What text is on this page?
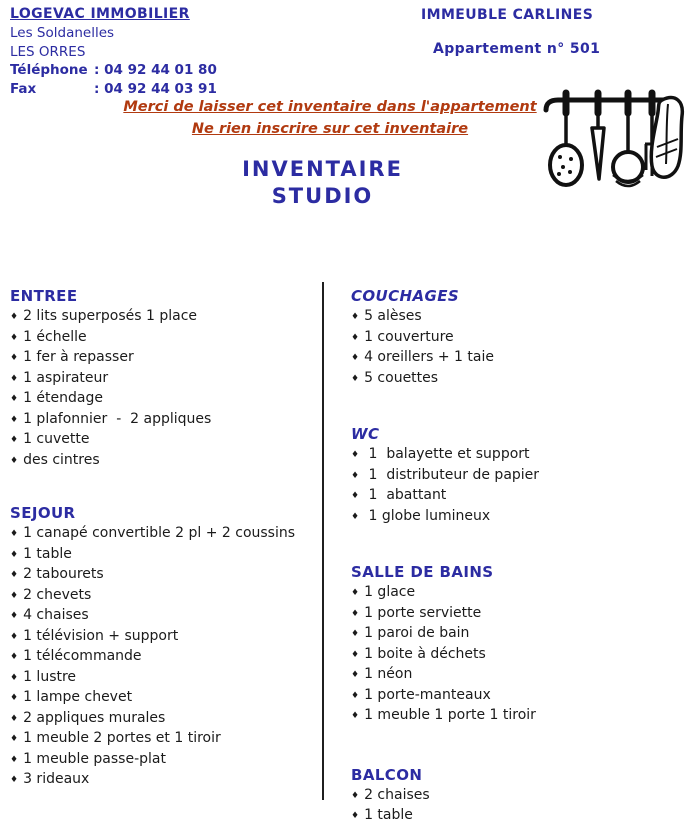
LOGEVAC IMMOBILIER
Les Soldanelles
LES ORRES
Téléphone : 04 92 44 01 80
Fax	: 04 92 44 03 91
IMMEUBLE CARLINES
Appartement n° 501
Merci de laisser cet inventaire dans l'appartement
Ne rien inscrire sur cet inventaire
INVENTAIRE
STUDIO
ENTREE
♦ 2 lits superposés 1 place
♦ 1 échelle
♦ 1 fer à repasser
♦ 1 aspirateur
♦ 1 étendage
♦ 1 plafonnier  -  2 appliques
♦ 1 cuvette
♦ des cintres
SEJOUR
♦ 1 canapé convertible 2 pl + 2 coussins
♦ 1 table
♦ 2 tabourets
♦ 2 chevets
♦ 4 chaises
♦ 1 télévision + support
♦ 1 télécommande
♦ 1 lustre
♦ 1 lampe chevet
♦ 2 appliques murales
♦ 1 meuble 2 portes et 1 tiroir
♦ 1 meuble passe-plat
♦ 3 rideaux
COUCHAGES
♦ 5 alèses
♦ 1 couverture
♦ 4 oreillers + 1 taie
♦ 5 couettes
WC
♦ 1  balayette et support
♦ 1  distributeur de papier
♦ 1  abattant
♦ 1 globe lumineux
SALLE DE BAINS
♦ 1 glace
♦ 1 porte serviette
♦ 1 paroi de bain
♦ 1 boite à déchets
♦ 1 néon
♦ 1 porte-manteaux
♦ 1 meuble 1 porte 1 tiroir
BALCON
♦ 2 chaises
♦ 1 table
